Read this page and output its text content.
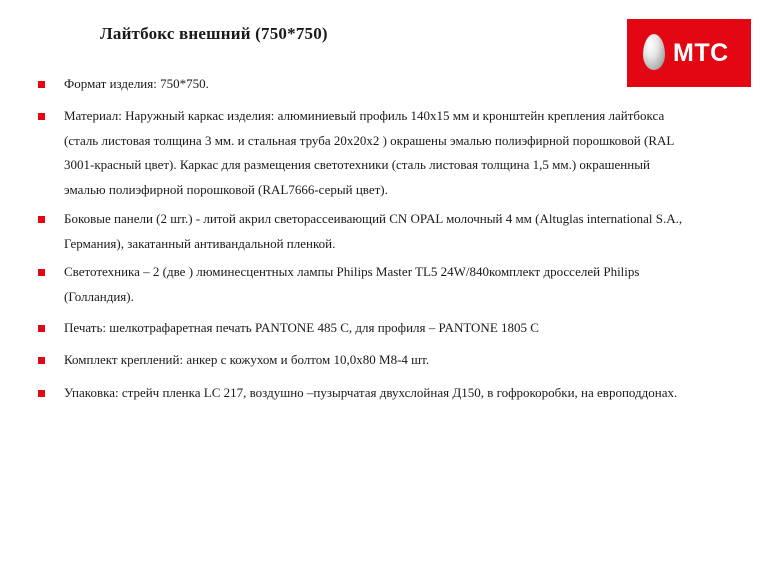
Лайтбокс внешний (750*750)
МТС
Формат изделия: 750*750.
Материал: Наружный каркас изделия: алюминиевый профиль 140х15 мм и кронштейн крепления лайтбокса
(сталь листовая толщина 3 мм. и стальная труба 20х20х2 ) окрашены эмалью полиэфирной порошковой (RAL
3001-красный цвет). Каркас для размещения светотехники (сталь листовая толщина 1,5 мм.) окрашенный
эмалью полиэфирной порошковой (RAL7666-серый цвет).
Боковые панели (2 шт.) - литой акрил светорассеивающий CN OPAL молочный 4 мм (Altuglas international S.A.,
Германия), закатанный антивандальной пленкой.
Светотехника – 2 (две ) люминесцентных лампы Philips Master TL5 24W/840комплект дросселей Philips
(Голландия).
Печать: шелкотрафаретная печать PANTONE 485 C, для профиля – PANTONE 1805 C
Комплект креплений: анкер с кожухом и болтом 10,0х80 М8-4 шт.
Упаковка: стрейч пленка LC 217, воздушно –пузырчатая двухслойная Д150, в гофрокоробки, на европоддонах.
